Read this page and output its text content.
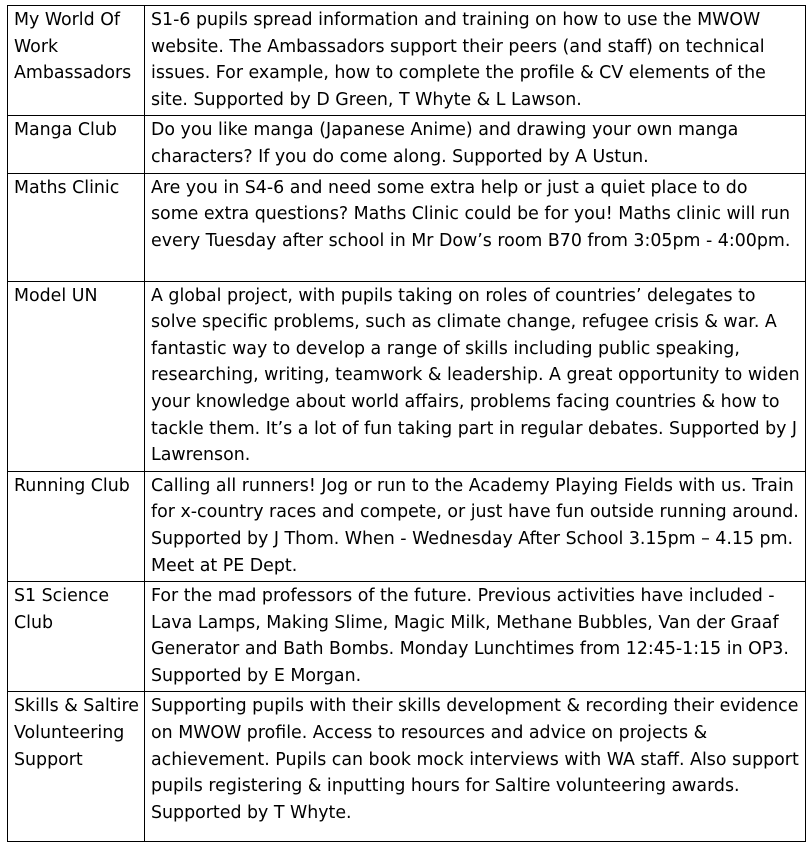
My World Of Work Ambassadors	S1-6 pupils spread information and training on how to use the MWOW website. The Ambassadors support their peers (and staff) on technical issues. For example, how to complete the profile & CV elements of the site. Supported by D Green, T Whyte & L Lawson.
Manga Club	Do you like manga (Japanese Anime) and drawing your own manga characters? If you do come along. Supported by A Ustun.
Maths Clinic	Are you in S4-6 and need some extra help or just a quiet place to do some extra questions? Maths Clinic could be for you! Maths clinic will run every Tuesday after school in Mr Dow’s room B70 from 3:05pm - 4:00pm.
Model UN	A global project, with pupils taking on roles of countries’ delegates to solve specific problems, such as climate change, refugee crisis & war. A fantastic way to develop a range of skills including public speaking, researching, writing, teamwork & leadership. A great opportunity to widen your knowledge about world affairs, problems facing countries & how to tackle them. It’s a lot of fun taking part in regular debates. Supported by J Lawrenson.
Running Club	Calling all runners! Jog or run to the Academy Playing Fields with us. Train for x-country races and compete, or just have fun outside running around. Supported by J Thom. When - Wednesday After School 3.15pm – 4.15 pm. Meet at PE Dept.
S1 Science Club	For the mad professors of the future. Previous activities have included - Lava Lamps, Making Slime, Magic Milk, Methane Bubbles, Van der Graaf Generator and Bath Bombs. Monday Lunchtimes from 12:45-1:15 in OP3. Supported by E Morgan.
Skills & Saltire Volunteering Support	Supporting pupils with their skills development & recording their evidence on MWOW profile. Access to resources and advice on projects & achievement. Pupils can book mock interviews with WA staff. Also support pupils registering & inputting hours for Saltire volunteering awards. Supported by T Whyte.
